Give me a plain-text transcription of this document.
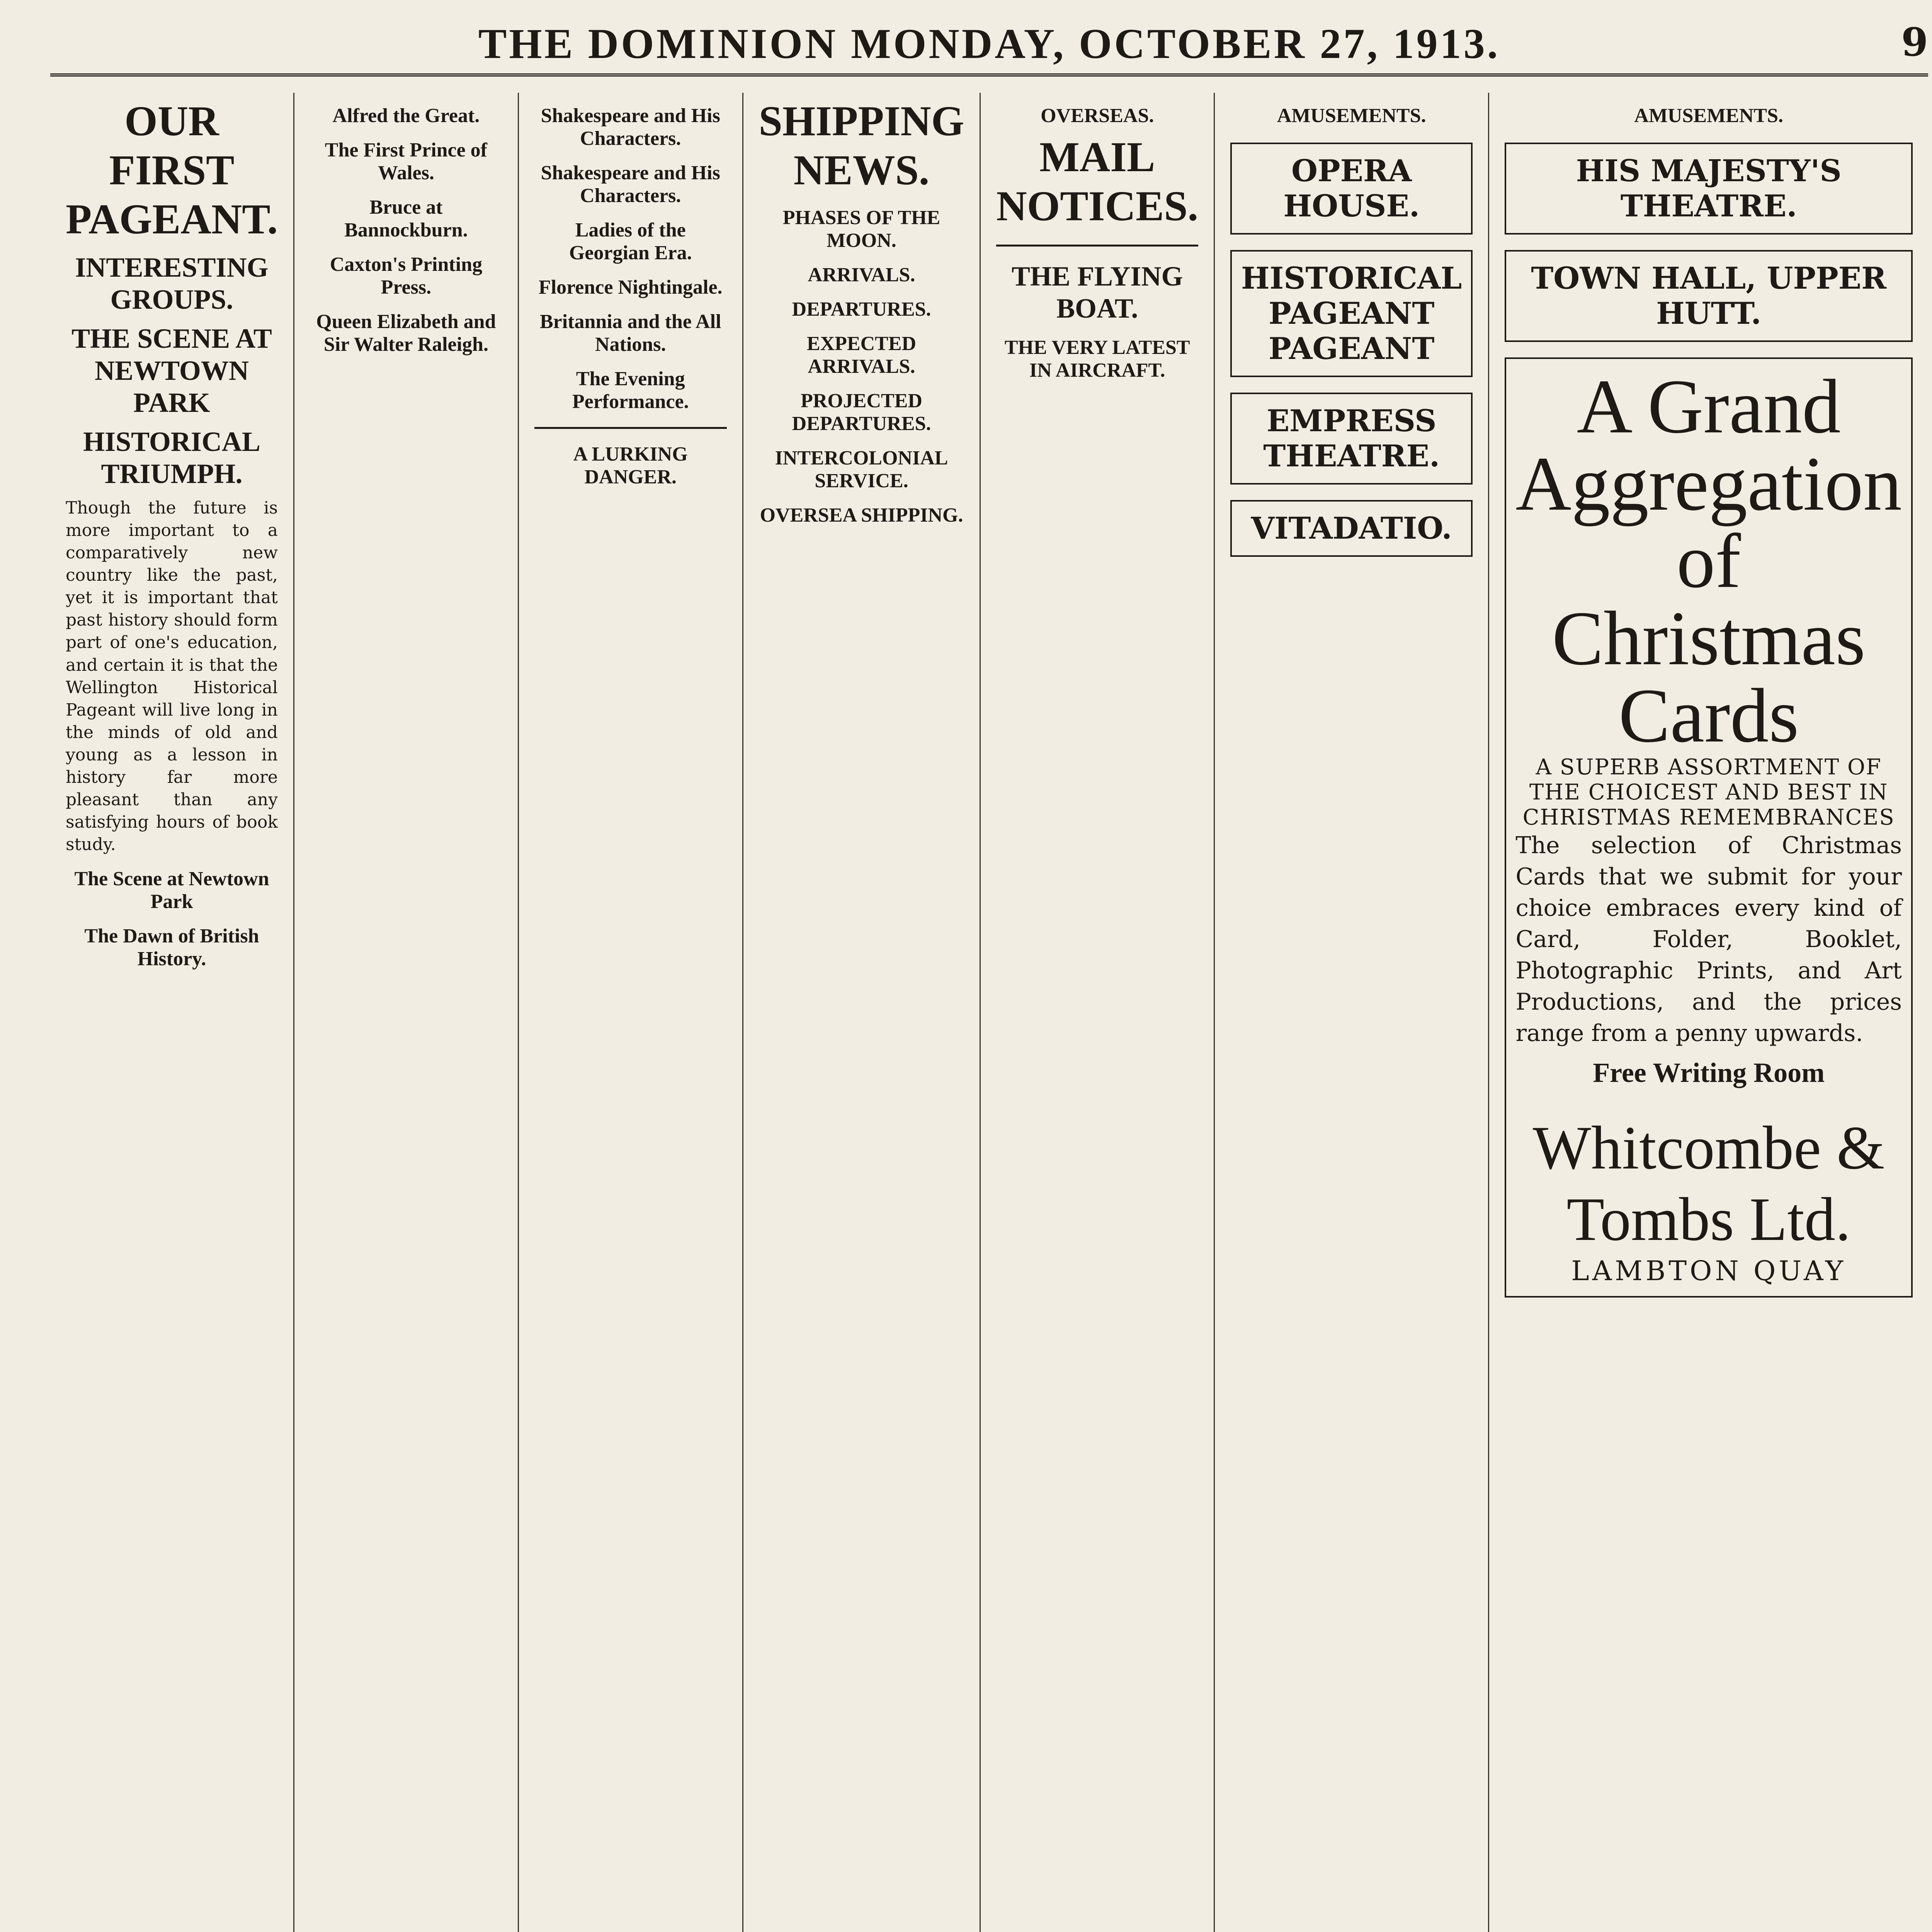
THE DOMINION MONDAY, OCTOBER 27, 1913.	9
OUR FIRST PAGEANT.
INTERESTING GROUPS.
THE SCENE AT NEWTOWN PARK
HISTORICAL TRIUMPH.

Though the future is more important to a comparatively new country like the past, yet it is important that past history should form part of one's education, and certain it is that the Wellington Historical Pageant will live long in the minds of old and young as a lesson in history far more pleasant than any satisfying hours of book study.

The Scene at Newtown Park
The Dawn of British History.
Alfred the Great.
The First Prince of Wales.
Bruce at Bannockburn.
Caxton's Printing Press.
Queen Elizabeth and Sir Walter Raleigh.
Shakespeare and His Characters.
Shakespeare and His Characters.
Ladies of the Georgian Era.
Florence Nightingale.
Britannia and the All Nations.
The Evening Performance.
A LURKING DANGER.
SHIPPING NEWS.
PHASES OF THE MOON.
ARRIVALS.
DEPARTURES.
EXPECTED ARRIVALS.
PROJECTED DEPARTURES.
INTERCOLONIAL SERVICE.
OVERSEA SHIPPING.
OVERSEAS.
MAIL NOTICES.
THE FLYING BOAT.
THE VERY LATEST IN AIRCRAFT.
AMUSEMENTS.
OPERA HOUSE.
HISTORICAL PAGEANT PAGEANT
EMPRESS THEATRE.
VITADATIO.
AMUSEMENTS.
HIS MAJESTY'S THEATRE.
TOWN HALL, UPPER HUTT.
A Grand Aggregation of Christmas Cards
A SUPERB ASSORTMENT OF THE CHOICEST AND BEST IN CHRISTMAS REMEMBRANCES

The selection of Christmas Cards that we submit for your choice embraces every kind of Card, Folder, Booklet, Photographic Prints, and Art Productions, and the prices range from a penny upwards.

Free Writing Room
Whitcombe & Tombs Ltd.
LAMBTON QUAY
